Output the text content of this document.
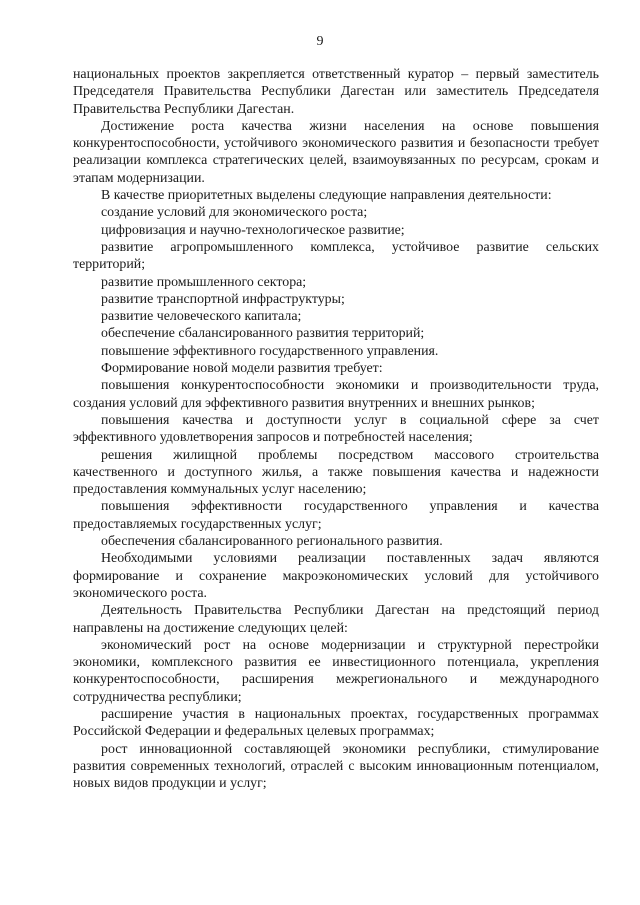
9

национальных проектов закрепляется ответственный куратор – первый заместитель Председателя Правительства Республики Дагестан или заместитель Председателя Правительства Республики Дагестан.

Достижение роста качества жизни населения на основе повышения конкурентоспособности, устойчивого экономического развития и безопасности требует реализации комплекса стратегических целей, взаимоувязанных по ресурсам, срокам и этапам модернизации.

В качестве приоритетных выделены следующие направления деятельности:

создание условий для экономического роста;

цифровизация и научно-технологическое развитие;

развитие агропромышленного комплекса, устойчивое развитие сельских территорий;

развитие промышленного сектора;

развитие транспортной инфраструктуры;

развитие человеческого капитала;

обеспечение сбалансированного развития территорий;

повышение эффективного государственного управления.

Формирование новой модели развития требует:

повышения конкурентоспособности экономики и производительности труда, создания условий для эффективного развития внутренних и внешних рынков;

повышения качества и доступности услуг в социальной сфере за счет эффективного удовлетворения запросов и потребностей населения;

решения жилищной проблемы посредством массового строительства качественного и доступного жилья, а также повышения качества и надежности предоставления коммунальных услуг населению;

повышения эффективности государственного управления и качества предоставляемых государственных услуг;

обеспечения сбалансированного регионального развития.

Необходимыми условиями реализации поставленных задач являются формирование и сохранение макроэкономических условий для устойчивого экономического роста.

Деятельность Правительства Республики Дагестан на предстоящий период направлены на достижение следующих целей:

экономический рост на основе модернизации и структурной перестройки экономики, комплексного развития ее инвестиционного потенциала, укрепления конкурентоспособности, расширения межрегионального и международного сотрудничества республики;

расширение участия в национальных проектах, государственных программах Российской Федерации и федеральных целевых программах;

рост инновационной составляющей экономики республики, стимулирование развития современных технологий, отраслей с высоким инновационным потенциалом, новых видов продукции и услуг;
